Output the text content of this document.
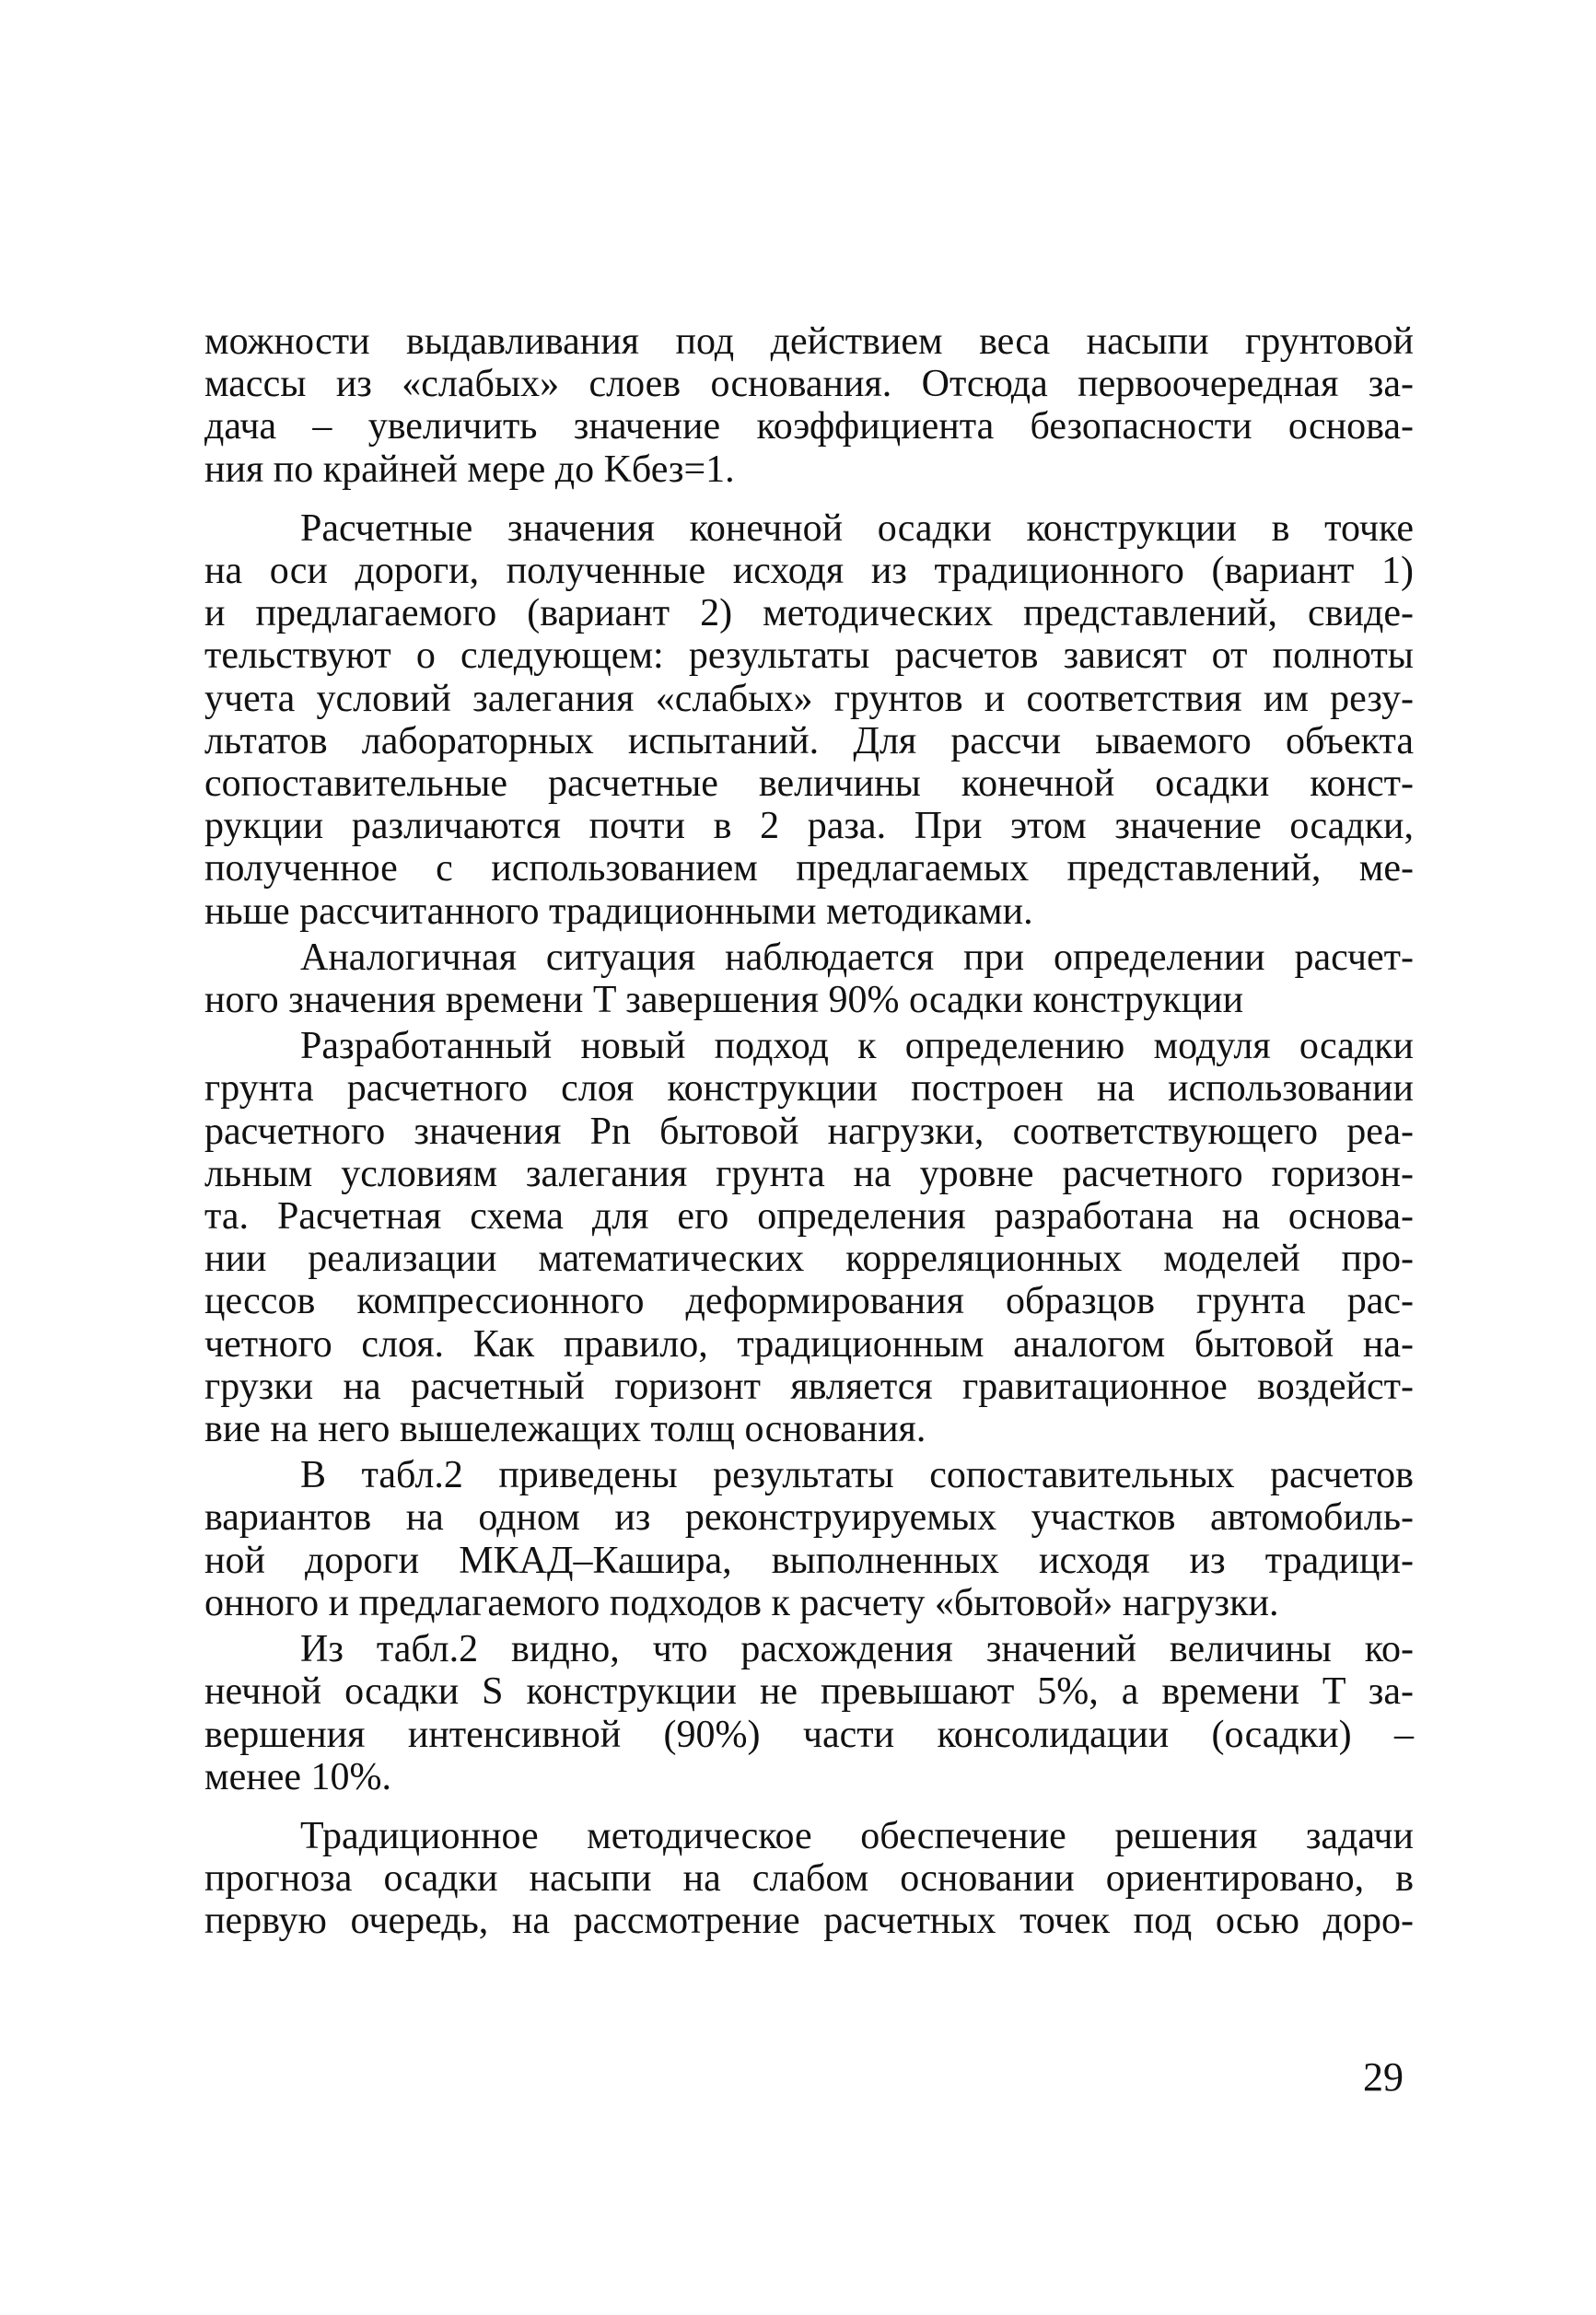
можности выдавливания под действием веса насыпи грунтовой
массы из «слабых» слоев основания. Отсюда первоочередная за-
дача – увеличить значение коэффициента безопасности основа-
ния по крайней мере до Kбез=1.

Расчетные значения конечной осадки конструкции в точке
на оси дороги, полученные исходя из традиционного (вариант 1)
и предлагаемого (вариант 2) методических представлений, свиде-
тельствуют о следующем: результаты расчетов зависят от полноты
учета условий залегания «слабых» грунтов и соответствия им резу-
льтатов лабораторных испытаний. Для рассчи ываемого объекта
сопоставительные расчетные величины конечной осадки конст-
рукции различаются почти в 2 раза. При этом значение осадки,
полученное с использованием предлагаемых представлений, ме-
ньше рассчитанного традиционными методиками.

Аналогичная ситуация наблюдается при определении расчет-
ного значения времени T завершения 90% осадки конструкции

Разработанный новый подход к определению модуля осадки
грунта расчетного слоя конструкции построен на использовании
расчетного значения Pn бытовой нагрузки, соответствующего реа-
льным условиям залегания грунта на уровне расчетного горизон-
та. Расчетная схема для его определения разработана на основа-
нии реализации математических корреляционных моделей про-
цессов компрессионного деформирования образцов грунта рас-
четного слоя. Как правило, традиционным аналогом бытовой на-
грузки на расчетный горизонт является гравитационное воздейст-
вие на него вышележащих толщ основания.

В табл.2 приведены результаты сопоставительных расчетов
вариантов на одном из реконструируемых участков автомобиль-
ной дороги МКАД–Кашира, выполненных исходя из традици-
онного и предлагаемого подходов к расчету «бытовой» нагрузки.

Из табл.2 видно, что расхождения значений величины ко-
нечной осадки S конструкции не превышают 5%, а времени T за-
вершения интенсивной (90%) части консолидации (осадки) –
менее 10%.

Традиционное методическое обеспечение решения задачи
прогноза осадки насыпи на слабом основании ориентировано, в
первую очередь, на рассмотрение расчетных точек под осью доро-

29
